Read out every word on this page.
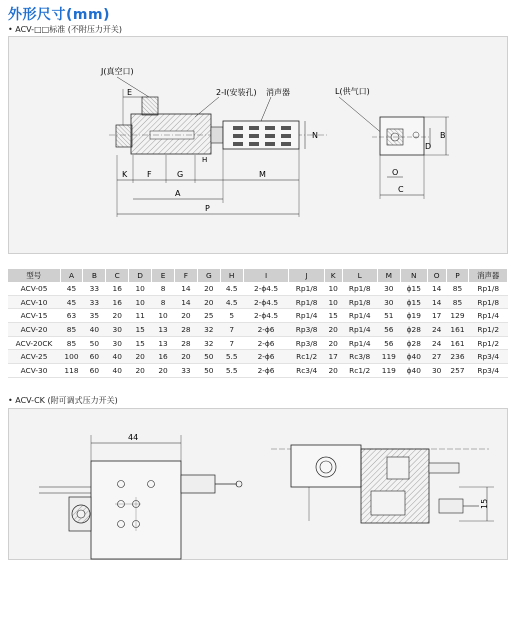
外形尺寸(mm)
• ACV-□□标准 (不附压力开关)
J(真空口)
2-I(安装孔) 消声器
E
N
H
K F	G	M
A
P
L(供气口)
B
D
O
C
型号	A	B	C	D	E	F	G	H	I	J	K	L	M	N	O	P	消声器
ACV-05	45	33	16	10	8	14	20	4.5	2-ϕ4.5	Rp1/8	10	Rp1/8	30	ϕ15	14	85	Rp1/8
ACV-10	45	33	16	10	8	14	20	4.5	2-ϕ4.5	Rp1/8	10	Rp1/8	30	ϕ15	14	85	Rp1/8
ACV-15	63	35	20	11	10	20	25	5	2-ϕ4.5	Rp1/4	15	Rp1/4	51	ϕ19	17	129	Rp1/4
ACV-20	85	40	30	15	13	28	32	7	2-ϕ6	Rp3/8	20	Rp1/4	56	ϕ28	24	161	Rp1/2
ACV-20CK	85	50	30	15	13	28	32	7	2-ϕ6	Rp3/8	20	Rp1/4	56	ϕ28	24	161	Rp1/2
ACV-25	100	60	40	20	16	20	50	5.5	2-ϕ6	Rc1/2	17	Rc3/8	119	ϕ40	27	236	Rp3/4
ACV-30	118	60	40	20	20	33	50	5.5	2-ϕ6	Rc3/4	20	Rc1/2	119	ϕ40	30	257	Rp3/4
• ACV-CK (附可调式压力开关)
44
15
